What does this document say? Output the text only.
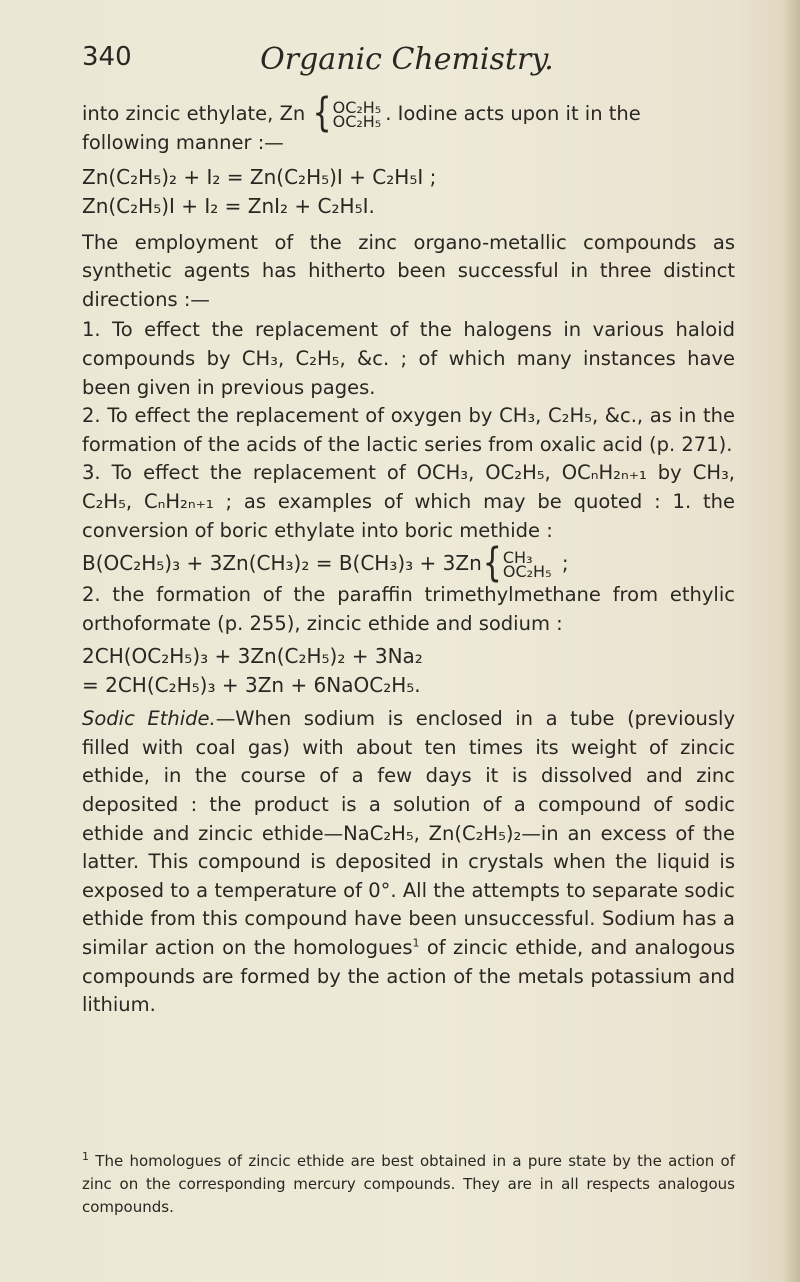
340	Organic Chemistry.

into zincic ethylate, Zn {OC₂H₅
OC₂H₅ . Iodine acts upon it in the
following manner :—

Zn(C₂H₅)₂ + I₂ = Zn(C₂H₅)I + C₂H₅I ;

Zn(C₂H₅)I + I₂ = ZnI₂ + C₂H₅I.

The employment of the zinc organo-metallic compounds as synthetic agents has hitherto been successful in three distinct directions :—

1. To effect the replacement of the halogens in various haloid compounds by CH₃, C₂H₅, &c. ; of which many instances have been given in previous pages.

2. To effect the replacement of oxygen by CH₃, C₂H₅, &c., as in the formation of the acids of the lactic series from oxalic acid (p. 271).

3. To effect the replacement of OCH₃, OC₂H₅, OCₙH₂ₙ₊₁ by CH₃, C₂H₅, CₙH₂ₙ₊₁ ; as examples of which may be quoted : 1. the conversion of boric ethylate into boric methide :

B(OC₂H₅)₃ + 3Zn(CH₃)₂ = B(CH₃)₃ + 3Zn{CH₃
OC₂H₅ ;

2. the formation of the paraffin trimethylmethane from ethylic orthoformate (p. 255), zincic ethide and sodium :

2CH(OC₂H₅)₃ + 3Zn(C₂H₅)₂ + 3Na₂

= 2CH(C₂H₅)₃ + 3Zn + 6NaOC₂H₅.

Sodic Ethide.—When sodium is enclosed in a tube (previously filled with coal gas) with about ten times its weight of zincic ethide, in the course of a few days it is dissolved and zinc deposited : the product is a solution of a compound of sodic ethide and zincic ethide—NaC₂H₅, Zn(C₂H₅)₂—in an excess of the latter. This compound is deposited in crystals when the liquid is exposed to a temperature of 0°. All the attempts to separate sodic ethide from this compound have been unsuccessful. Sodium has a similar action on the homologues$^1$ of zincic ethide, and analogous compounds are formed by the action of the metals potassium and lithium.

$^1$ The homologues of zincic ethide are best obtained in a pure state by the action of zinc on the corresponding mercury compounds. They are in all respects analogous compounds.
